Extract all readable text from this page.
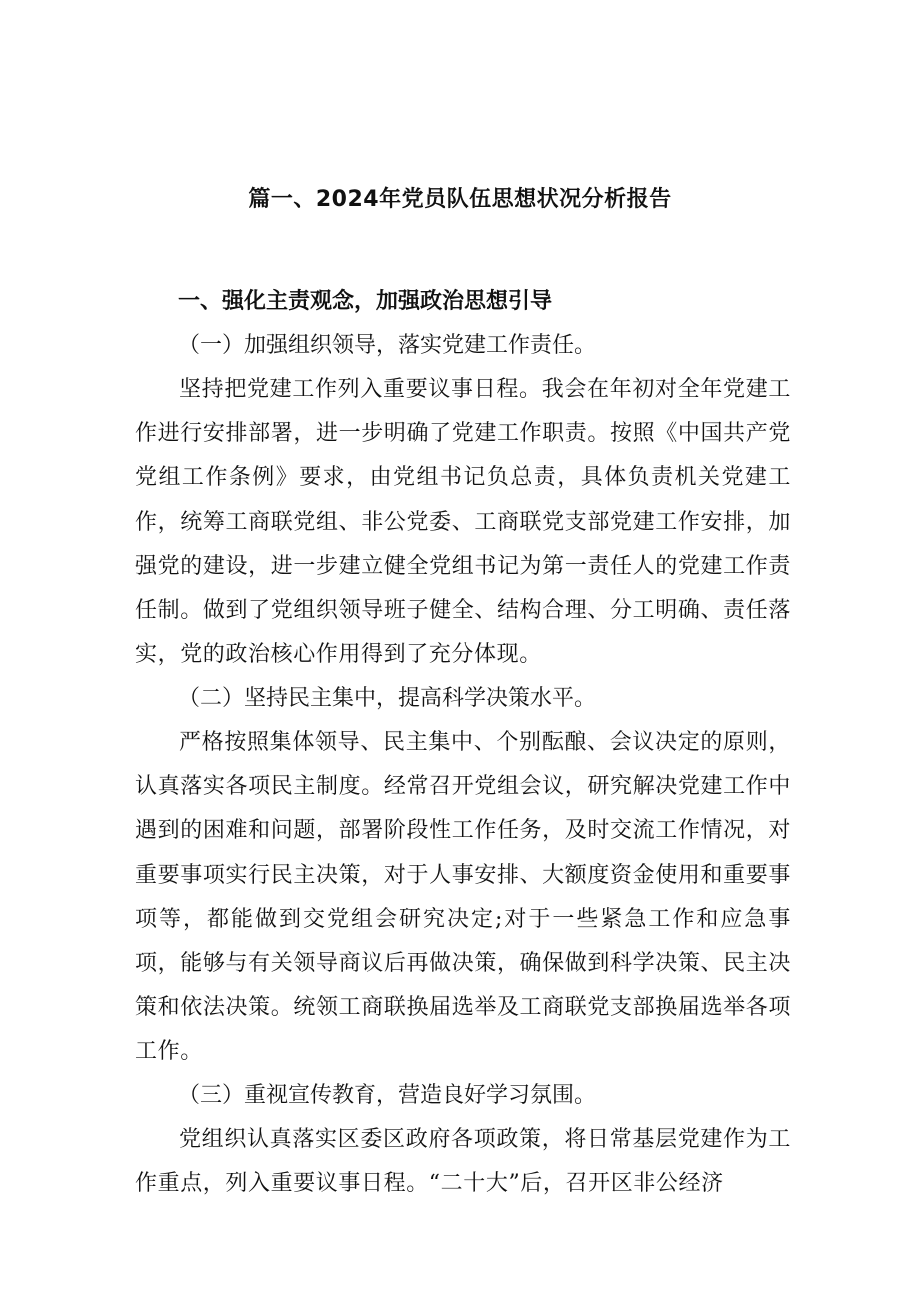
篇一、2024年党员队伍思想状况分析报告
一、强化主责观念，加强政治思想引导
（一）加强组织领导，落实党建工作责任。

坚持把党建工作列入重要议事日程。我会在年初对全年党建工作进行安排部署，进一步明确了党建工作职责。按照《中国共产党党组工作条例》要求，由党组书记负总责，具体负责机关党建工作，统筹工商联党组、非公党委、工商联党支部党建工作安排，加强党的建设，进一步建立健全党组书记为第一责任人的党建工作责任制。做到了党组织领导班子健全、结构合理、分工明确、责任落实，党的政治核心作用得到了充分体现。

（二）坚持民主集中，提高科学决策水平。

严格按照集体领导、民主集中、个别酝酿、会议决定的原则，认真落实各项民主制度。经常召开党组会议，研究解决党建工作中遇到的困难和问题，部署阶段性工作任务，及时交流工作情况，对重要事项实行民主决策，对于人事安排、大额度资金使用和重要事项等，都能做到交党组会研究决定;对于一些紧急工作和应急事项，能够与有关领导商议后再做决策，确保做到科学决策、民主决策和依法决策。统领工商联换届选举及工商联党支部换届选举各项工作。

（三）重视宣传教育，营造良好学习氛围。

党组织认真落实区委区政府各项政策，将日常基层党建作为工作重点，列入重要议事日程。“二十大”后，召开区非公经济
